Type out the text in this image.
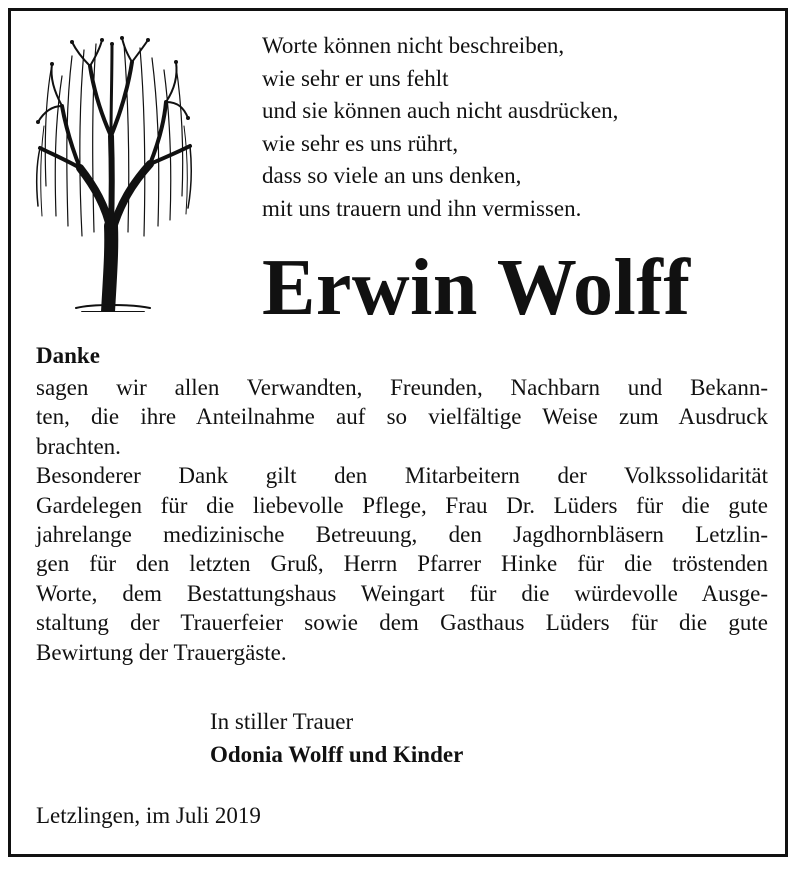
Worte können nicht beschreiben,
wie sehr er uns fehlt
und sie können auch nicht ausdrücken,
wie sehr es uns rührt,
dass so viele an uns denken,
mit uns trauern und ihn vermissen.
Erwin Wolff
Danke
sagen wir allen Verwandten, Freunden, Nachbarn und Bekann-
ten, die ihre Anteilnahme auf so vielfältige Weise zum Ausdruck
brachten.
Besonderer Dank gilt den Mitarbeitern der Volkssolidarität
Gardelegen für die liebevolle Pflege, Frau Dr. Lüders für die gute
jahrelange medizinische Betreuung, den Jagdhornbläsern Letzlin-
gen für den letzten Gruß, Herrn Pfarrer Hinke für die tröstenden
Worte, dem Bestattungshaus Weingart für die würdevolle Ausge-
staltung der Trauerfeier sowie dem Gasthaus Lüders für die gute
Bewirtung der Trauergäste.
In stiller Trauer
Odonia Wolff und Kinder
Letzlingen, im Juli 2019
